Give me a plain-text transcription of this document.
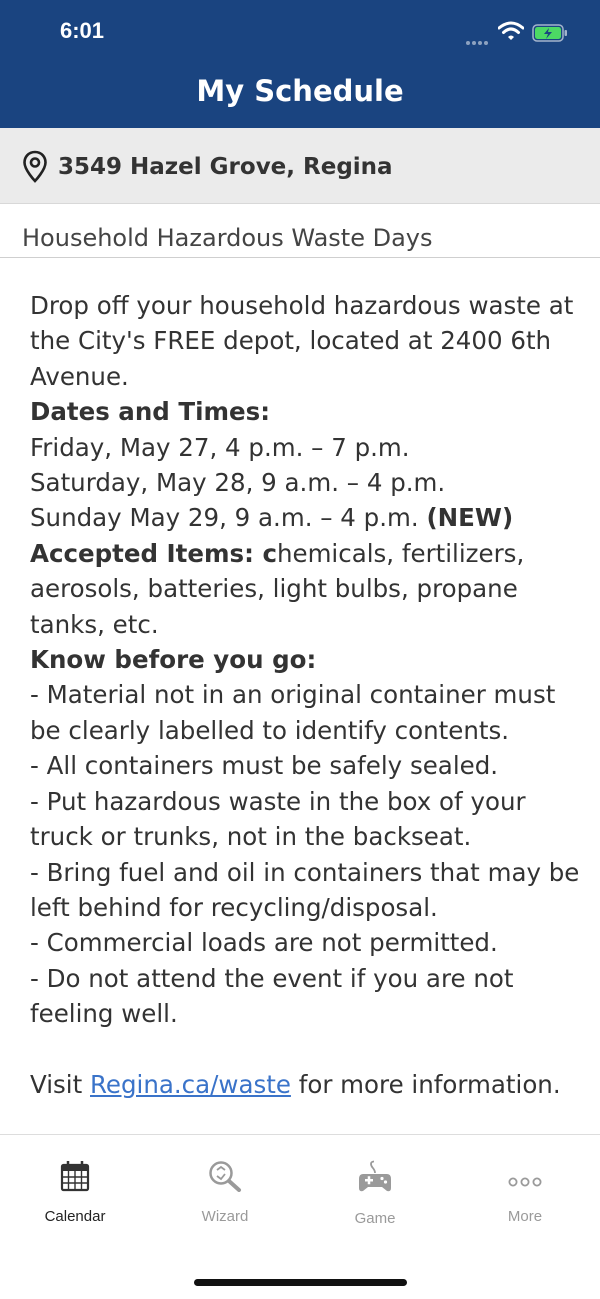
6:01
My Schedule
3549 Hazel Grove, Regina
Household Hazardous Waste Days

Drop off your household hazardous waste at the City's FREE depot, located at 2400 6th Avenue.

Dates and Times:

Friday, May 27, 4 p.m. – 7 p.m.

Saturday, May 28, 9 a.m. – 4 p.m.

Sunday May 29, 9 a.m. – 4 p.m. (NEW)

Accepted Items: chemicals, fertilizers, aerosols, batteries, light bulbs, propane tanks, etc.

Know before you go:

- Material not in an original container must be clearly labelled to identify contents.

- All containers must be safely sealed.

- Put hazardous waste in the box of your truck or trunks, not in the backseat.

- Bring fuel and oil in containers that may be left behind for recycling/disposal.

- Commercial loads are not permitted.

- Do not attend the event if you are not feeling well.

Visit Regina.ca/waste for more information.

Calendar	Wizard	Game	More
